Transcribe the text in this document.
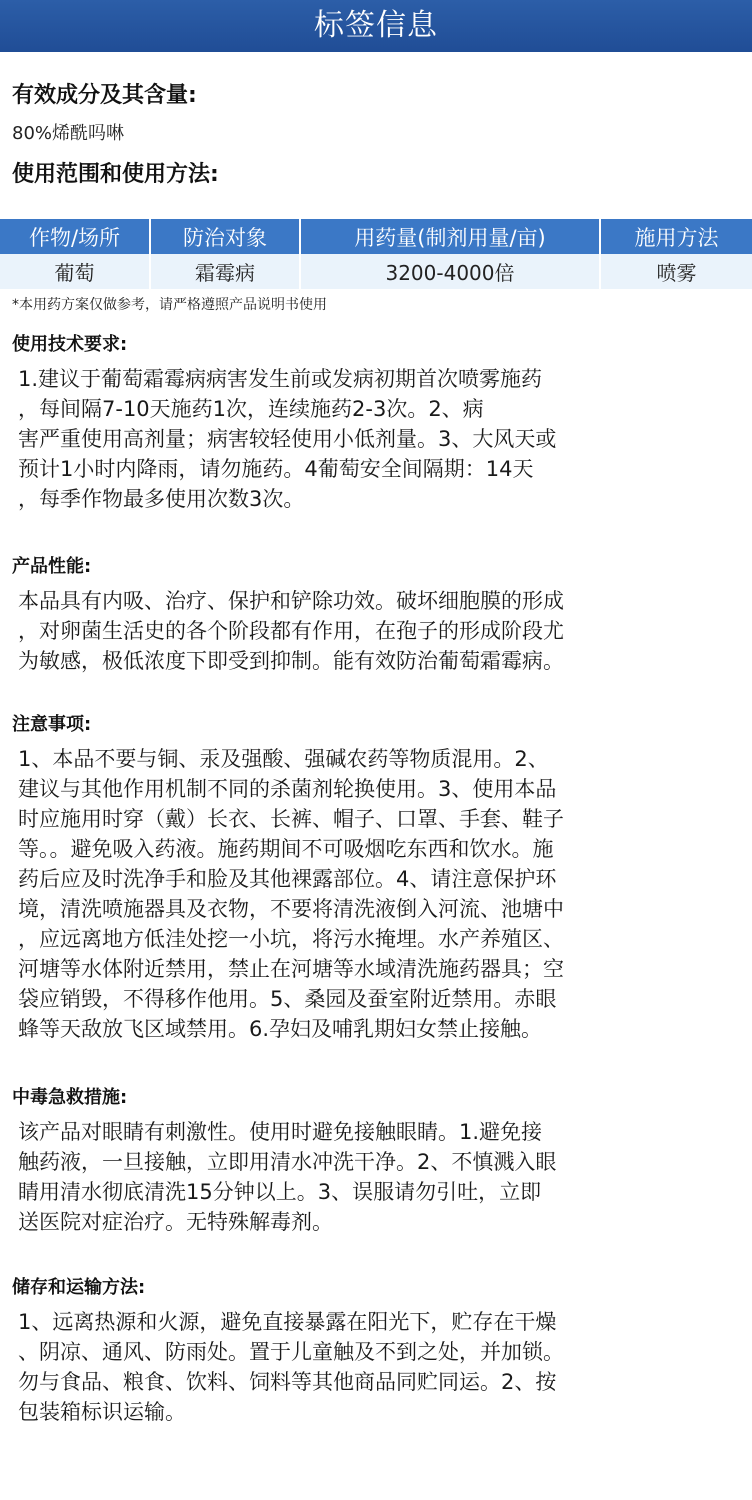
标签信息
有效成分及其含量:
80%烯酰吗啉
使用范围和使用方法:
作物/场所	防治对象	用药量(制剂用量/亩)	施用方法
葡萄	霜霉病	3200-4000倍	喷雾
*本用药方案仅做参考，请严格遵照产品说明书使用
使用技术要求:

1.建议于葡萄霜霉病病害发生前或发病初期首次喷雾施药
，每间隔7-10天施药1次，连续施药2-3次。2、病
害严重使用高剂量；病害较轻使用小低剂量。3、大风天或
预计1小时内降雨，请勿施药。4葡萄安全间隔期：14天
，每季作物最多使用次数3次。

产品性能:

本品具有内吸、治疗、保护和铲除功效。破坏细胞膜的形成
，对卵菌生活史的各个阶段都有作用，在孢子的形成阶段尤
为敏感，极低浓度下即受到抑制。能有效防治葡萄霜霉病。

注意事项:

1、本品不要与铜、汞及强酸、强碱农药等物质混用。2、
建议与其他作用机制不同的杀菌剂轮换使用。3、使用本品
时应施用时穿（戴）长衣、长裤、帽子、口罩、手套、鞋子
等。。避免吸入药液。施药期间不可吸烟吃东西和饮水。施
药后应及时洗净手和脸及其他裸露部位。4、请注意保护环
境，清洗喷施器具及衣物，不要将清洗液倒入河流、池塘中
，应远离地方低洼处挖一小坑，将污水掩埋。水产养殖区、
河塘等水体附近禁用，禁止在河塘等水域清洗施药器具；空
袋应销毁，不得移作他用。5、桑园及蚕室附近禁用。赤眼
蜂等天敌放飞区域禁用。6.孕妇及哺乳期妇女禁止接触。

中毒急救措施:

该产品对眼睛有刺激性。使用时避免接触眼睛。1.避免接
触药液，一旦接触，立即用清水冲洗干净。2、不慎溅入眼
睛用清水彻底清洗15分钟以上。3、误服请勿引吐，立即
送医院对症治疗。无特殊解毒剂。

储存和运输方法:

1、远离热源和火源，避免直接暴露在阳光下，贮存在干燥
、阴凉、通风、防雨处。置于儿童触及不到之处，并加锁。
勿与食品、粮食、饮料、饲料等其他商品同贮同运。2、按
包装箱标识运输。
